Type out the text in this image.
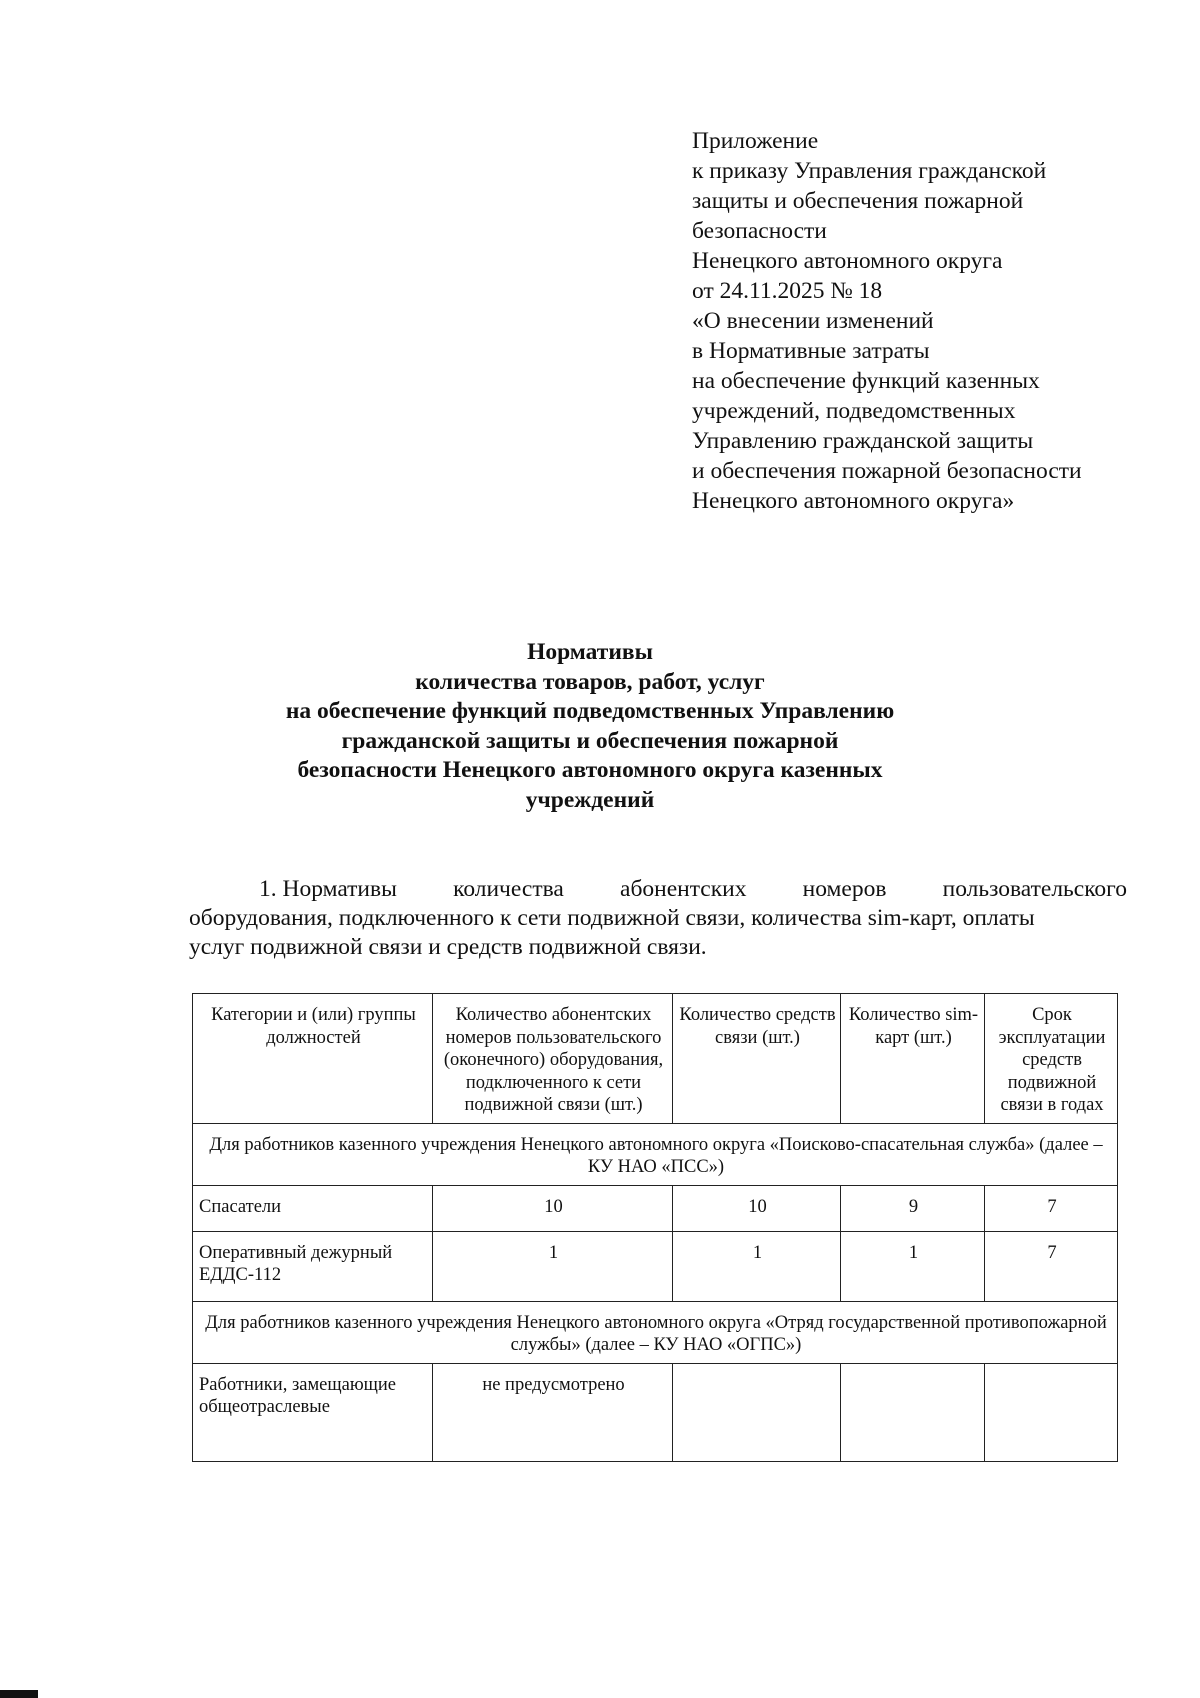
Приложение
к приказу Управления гражданской
защиты и обеспечения пожарной
безопасности
Ненецкого автономного округа
от 24.11.2025 № 18
«О внесении изменений
в Нормативные затраты
на обеспечение функций казенных
учреждений, подведомственных
Управлению гражданской защиты
и обеспечения пожарной безопасности
Ненецкого автономного округа»
Нормативы
количества товаров, работ, услуг
на обеспечение функций подведомственных Управлению
гражданской защиты и обеспечения пожарной
безопасности Ненецкого автономного округа казенных
учреждений
1. Нормативы количества абонентских номеров пользовательского
оборудования, подключенного к сети подвижной связи, количества sim-карт, оплаты
услуг подвижной связи и средств подвижной связи.
Категории и (или) группы должностей	Количество абонентских номеров пользовательского (оконечного) оборудования, подключенного к сети подвижной связи (шт.)	Количество средств связи (шт.)	Количество sim-карт (шт.)	Срок эксплуатации средств подвижной связи в годах
Для работников казенного учреждения Ненецкого автономного округа «Поисково-спасательная служба» (далее – КУ НАО «ПСС»)				
Спасатели	10	10	9	7
Оперативный дежурный ЕДДС-112	1	1	1	7
Для работников казенного учреждения Ненецкого автономного округа «Отряд государственной противопожарной службы» (далее – КУ НАО «ОГПС»)				
Работники, замещающие общеотраслевые	не предусмотрено			
